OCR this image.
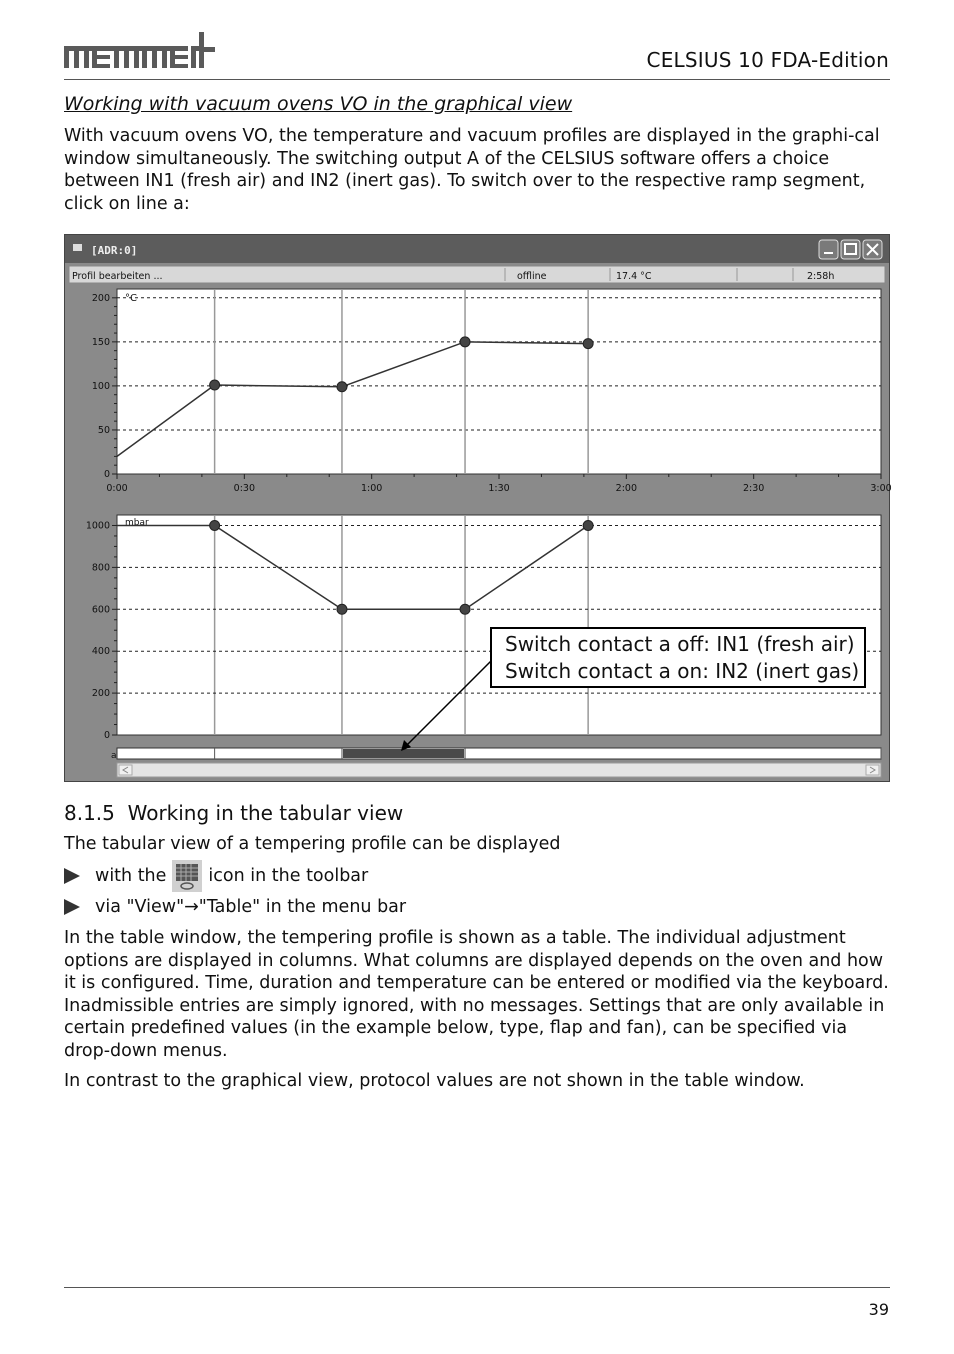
memmert	CELSIUS 10 FDA-Edition
Working with vacuum ovens VO in the graphical view
With vacuum ovens VO, the temperature and vacuum profiles are displayed in the graphi-cal window simultaneously. The switching output A of the CELSIUS software offers a choice between IN1 (fresh air) and IN2 (inert gas). To switch over to the respective ramp segment, click on line a:
[ADR:0]
Profil bearbeiten ...	offline	17.4 °C	2:58h
°C
0
50
100
150
200
0:00	0:30	1:00	1:30	2:00	2:30	3:00
mbar
0
200
400
600
800
1000
a
Switch contact a off: IN1 (fresh air)
Switch contact a on: IN2 (inert gas)
8.1.5 Working in the tabular view
The tabular view of a tempering profile can be displayed
with the icon in the toolbar
via "View"→"Table" in the menu bar
In the table window, the tempering profile is shown as a table. The individual adjustment options are displayed in columns. What columns are displayed depends on the oven and how it is configured. Time, duration and temperature can be entered or modified via the keyboard. Inadmissible entries are simply ignored, with no messages. Settings that are only available in certain predefined values (in the example below, type, flap and fan), can be specified via drop-down menus.
In contrast to the graphical view, protocol values are not shown in the table window.
39
